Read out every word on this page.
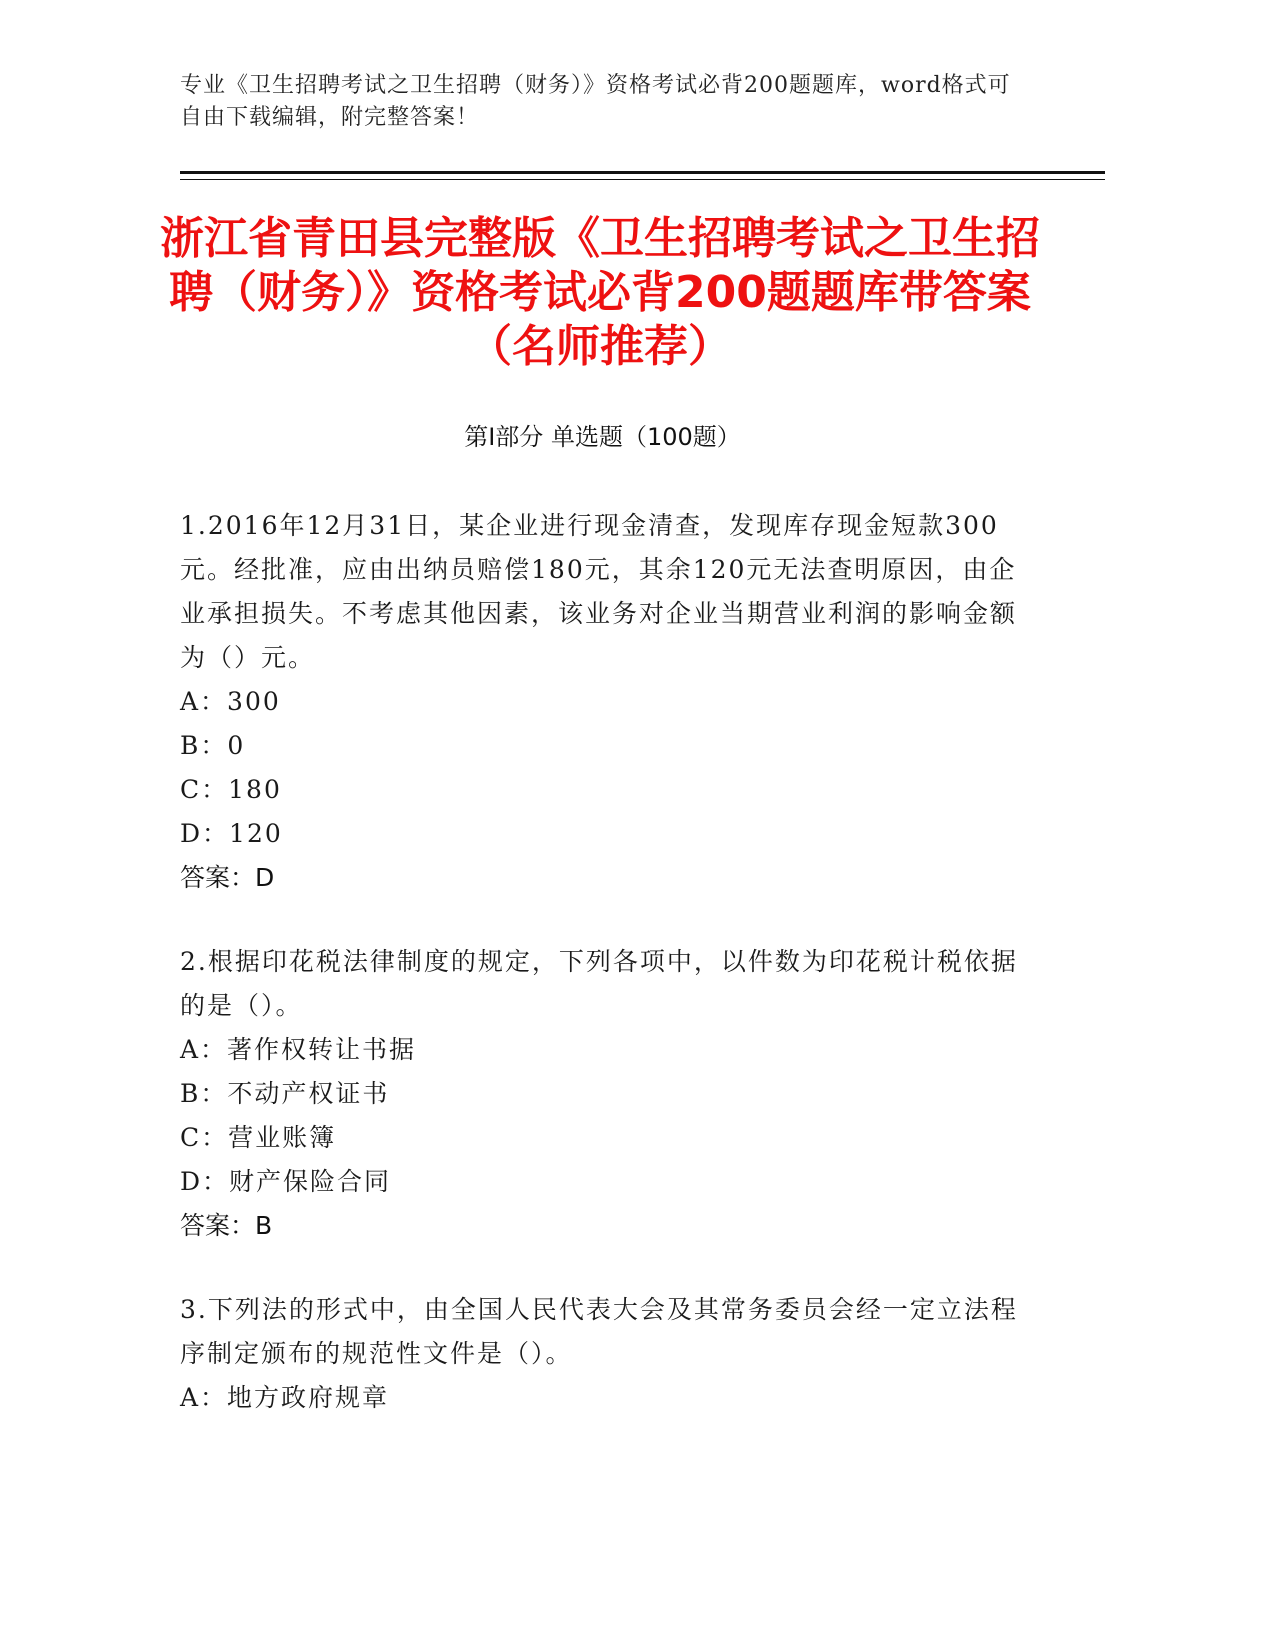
专业《卫生招聘考试之卫生招聘（财务）》资格考试必背200题题库，word格式可自由下载编辑，附完整答案！
浙江省青田县完整版《卫生招聘考试之卫生招聘（财务）》资格考试必背200题题库带答案（名师推荐）
第Ⅰ部分 单选题（100题）

1.2016年12月31日，某企业进行现金清查，发现库存现金短款300元。经批准，应由出纳员赔偿180元，其余120元无法查明原因，由企业承担损失。不考虑其他因素，该业务对企业当期营业利润的影响金额为（）元。

A：300

B：0

C：180

D：120

答案：D

2.根据印花税法律制度的规定，下列各项中，以件数为印花税计税依据的是（）。

A：著作权转让书据

B：不动产权证书

C：营业账簿

D：财产保险合同

答案：B

3.下列法的形式中，由全国人民代表大会及其常务委员会经一定立法程序制定颁布的规范性文件是（）。

A：地方政府规章
